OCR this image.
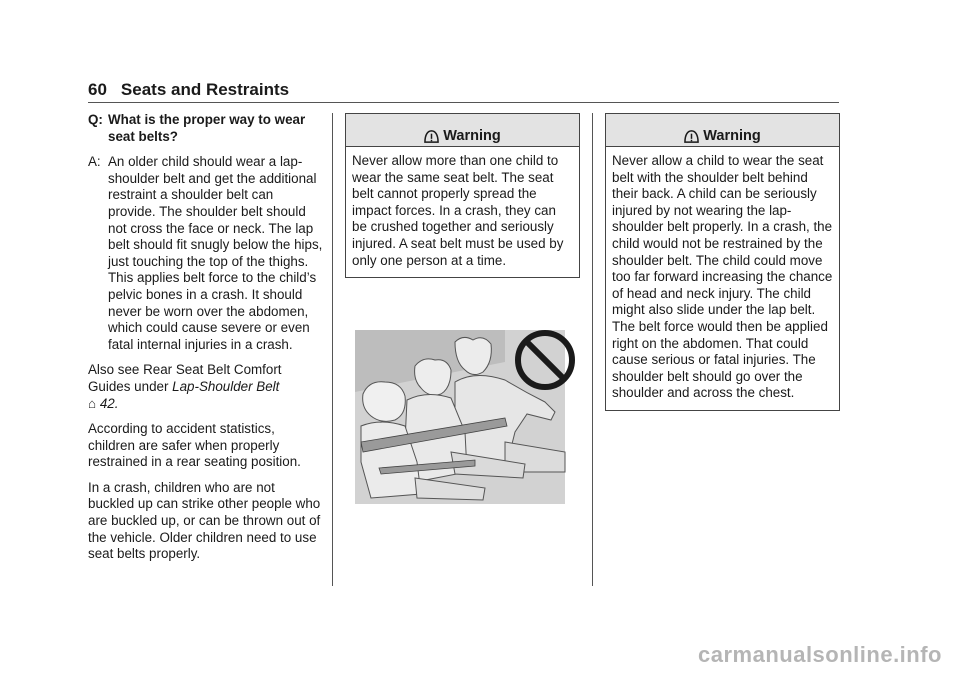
60 Seats and Restraints
Q: What is the proper way to wear seat belts?
A: An older child should wear a lap-shoulder belt and get the additional restraint a shoulder belt can provide. The shoulder belt should not cross the face or neck. The lap belt should fit snugly below the hips, just touching the top of the thighs. This applies belt force to the child’s pelvic bones in a crash. It should never be worn over the abdomen, which could cause severe or even fatal internal injuries in a crash.
Also see Rear Seat Belt Comfort Guides under Lap-Shoulder Belt
⌂ 42.
According to accident statistics, children are safer when properly restrained in a rear seating position.
In a crash, children who are not buckled up can strike other people who are buckled up, or can be thrown out of the vehicle. Older children need to use seat belts properly.
Warning
Never allow more than one child to wear the same seat belt. The seat belt cannot properly spread the impact forces. In a crash, they can be crushed together and seriously injured. A seat belt must be used by only one person at a time.
Warning
Never allow a child to wear the seat belt with the shoulder belt behind their back. A child can be seriously injured by not wearing the lap-shoulder belt properly. In a crash, the child would not be restrained by the shoulder belt. The child could move too far forward increasing the chance of head and neck injury. The child might also slide under the lap belt. The belt force would then be applied right on the abdomen. That could cause serious or fatal injuries. The shoulder belt should go over the shoulder and across the chest.
carmanualsonline.info
